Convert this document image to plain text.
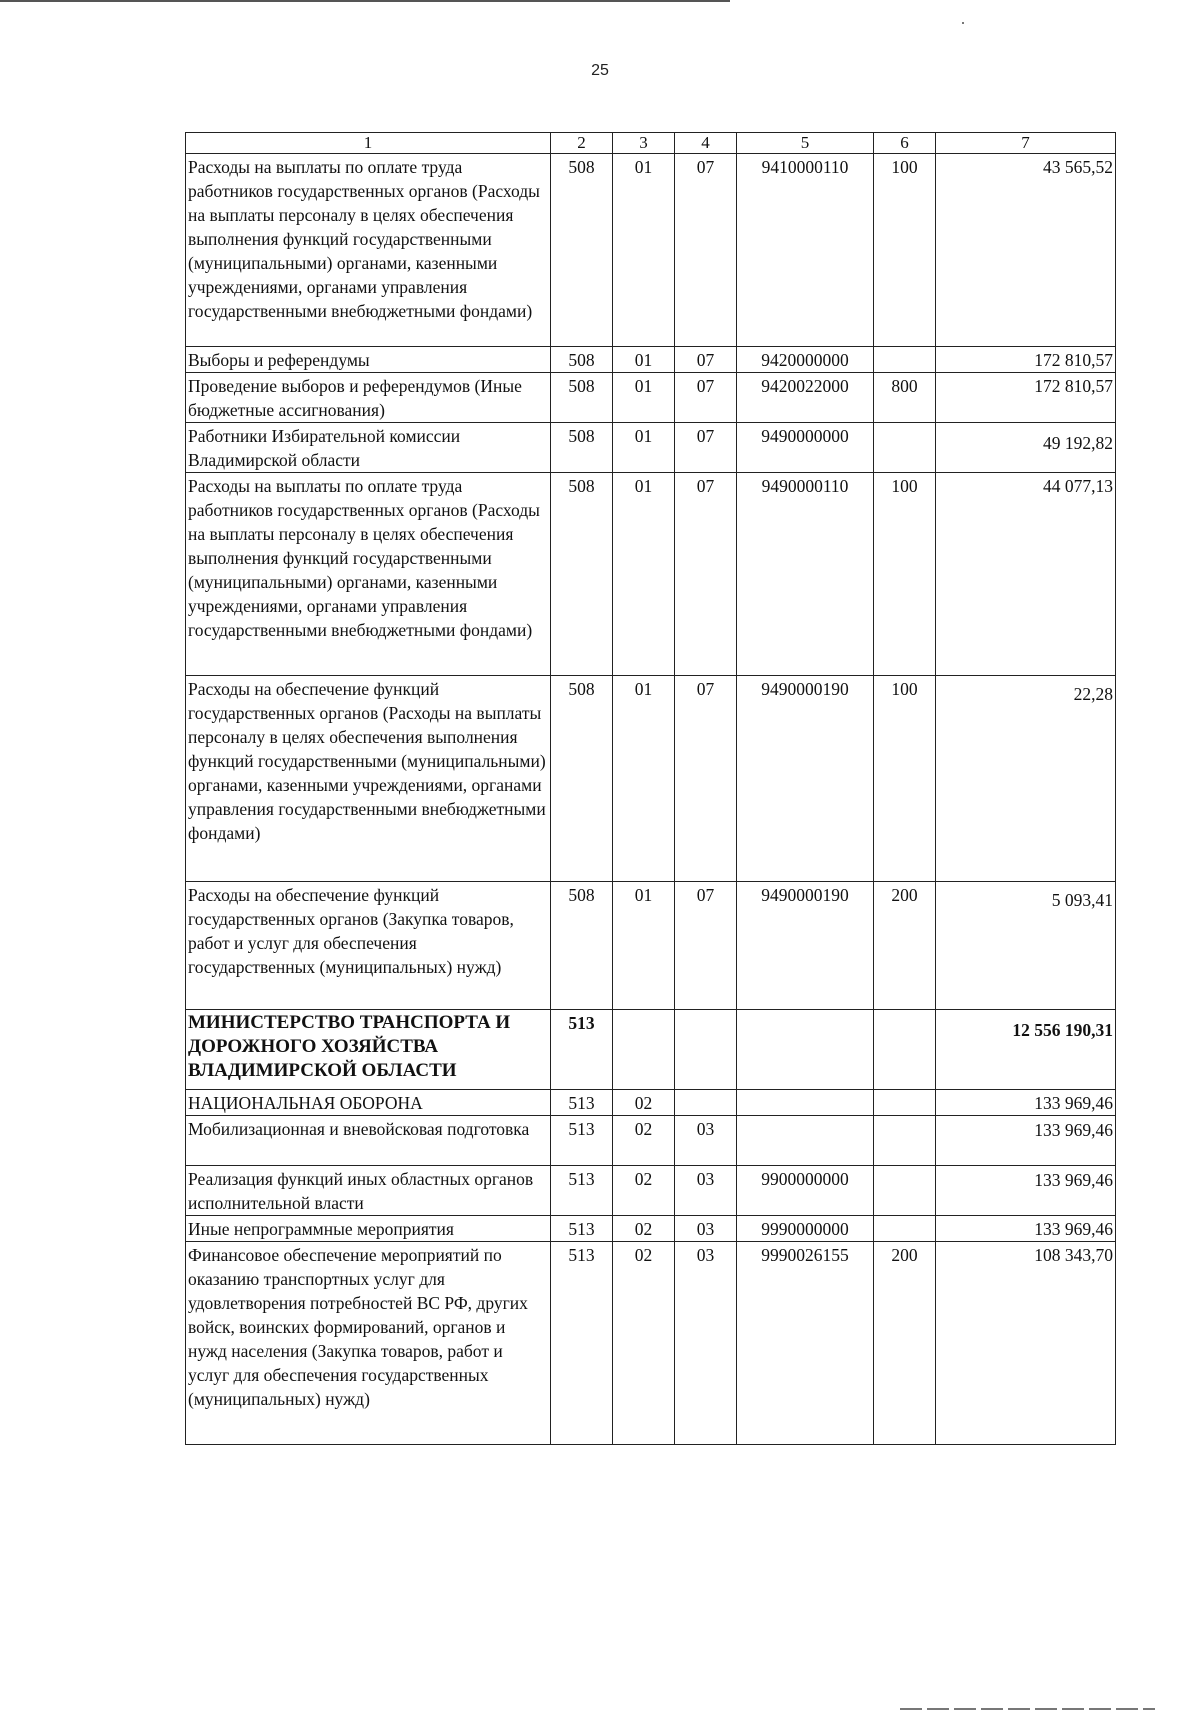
25
1	2	3	4	5	6	7
Расходы на выплаты по оплате труда работников государственных органов (Расходы на выплаты персоналу в целях обеспечения выполнения функций государственными (муниципальными) органами, казенными учреждениями, органами управления государственными внебюджетными фондами)	508	01	07	9410000110	100	43 565,52
Выборы и референдумы	508	01	07	9420000000		172 810,57
Проведение выборов и референдумов (Иные бюджетные ассигнования)	508	01	07	9420022000	800	172 810,57
Работники Избирательной комиссии Владимирской области	508	01	07	9490000000		49 192,82
Расходы на выплаты по оплате труда работников государственных органов (Расходы на выплаты персоналу в целях обеспечения выполнения функций государственными (муниципальными) органами, казенными учреждениями, органами управления государственными внебюджетными фондами)	508	01	07	9490000110	100	44 077,13
Расходы на обеспечение функций государственных органов (Расходы на выплаты персоналу в целях обеспечения выполнения функций государственными (муниципальными) органами, казенными учреждениями, органами управления государственными внебюджетными фондами)	508	01	07	9490000190	100	22,28
Расходы на обеспечение функций государственных органов (Закупка товаров, работ и услуг для обеспечения государственных (муниципальных) нужд)	508	01	07	9490000190	200	5 093,41
МИНИСТЕРСТВО ТРАНСПОРТА И ДОРОЖНОГО ХОЗЯЙСТВА ВЛАДИМИРСКОЙ ОБЛАСТИ	513					12 556 190,31
НАЦИОНАЛЬНАЯ ОБОРОНА	513	02				133 969,46
Мобилизационная и вневойсковая подготовка	513	02	03			133 969,46
Реализация функций иных областных органов исполнительной власти	513	02	03	9900000000		133 969,46
Иные непрограммные мероприятия	513	02	03	9990000000		133 969,46
Финансовое обеспечение мероприятий по оказанию транспортных услуг для удовлетворения потребностей ВС РФ, других войск, воинских формирований, органов и нужд населения (Закупка товаров, работ и услуг для обеспечения государственных (муниципальных) нужд)	513	02	03	9990026155	200	108 343,70
